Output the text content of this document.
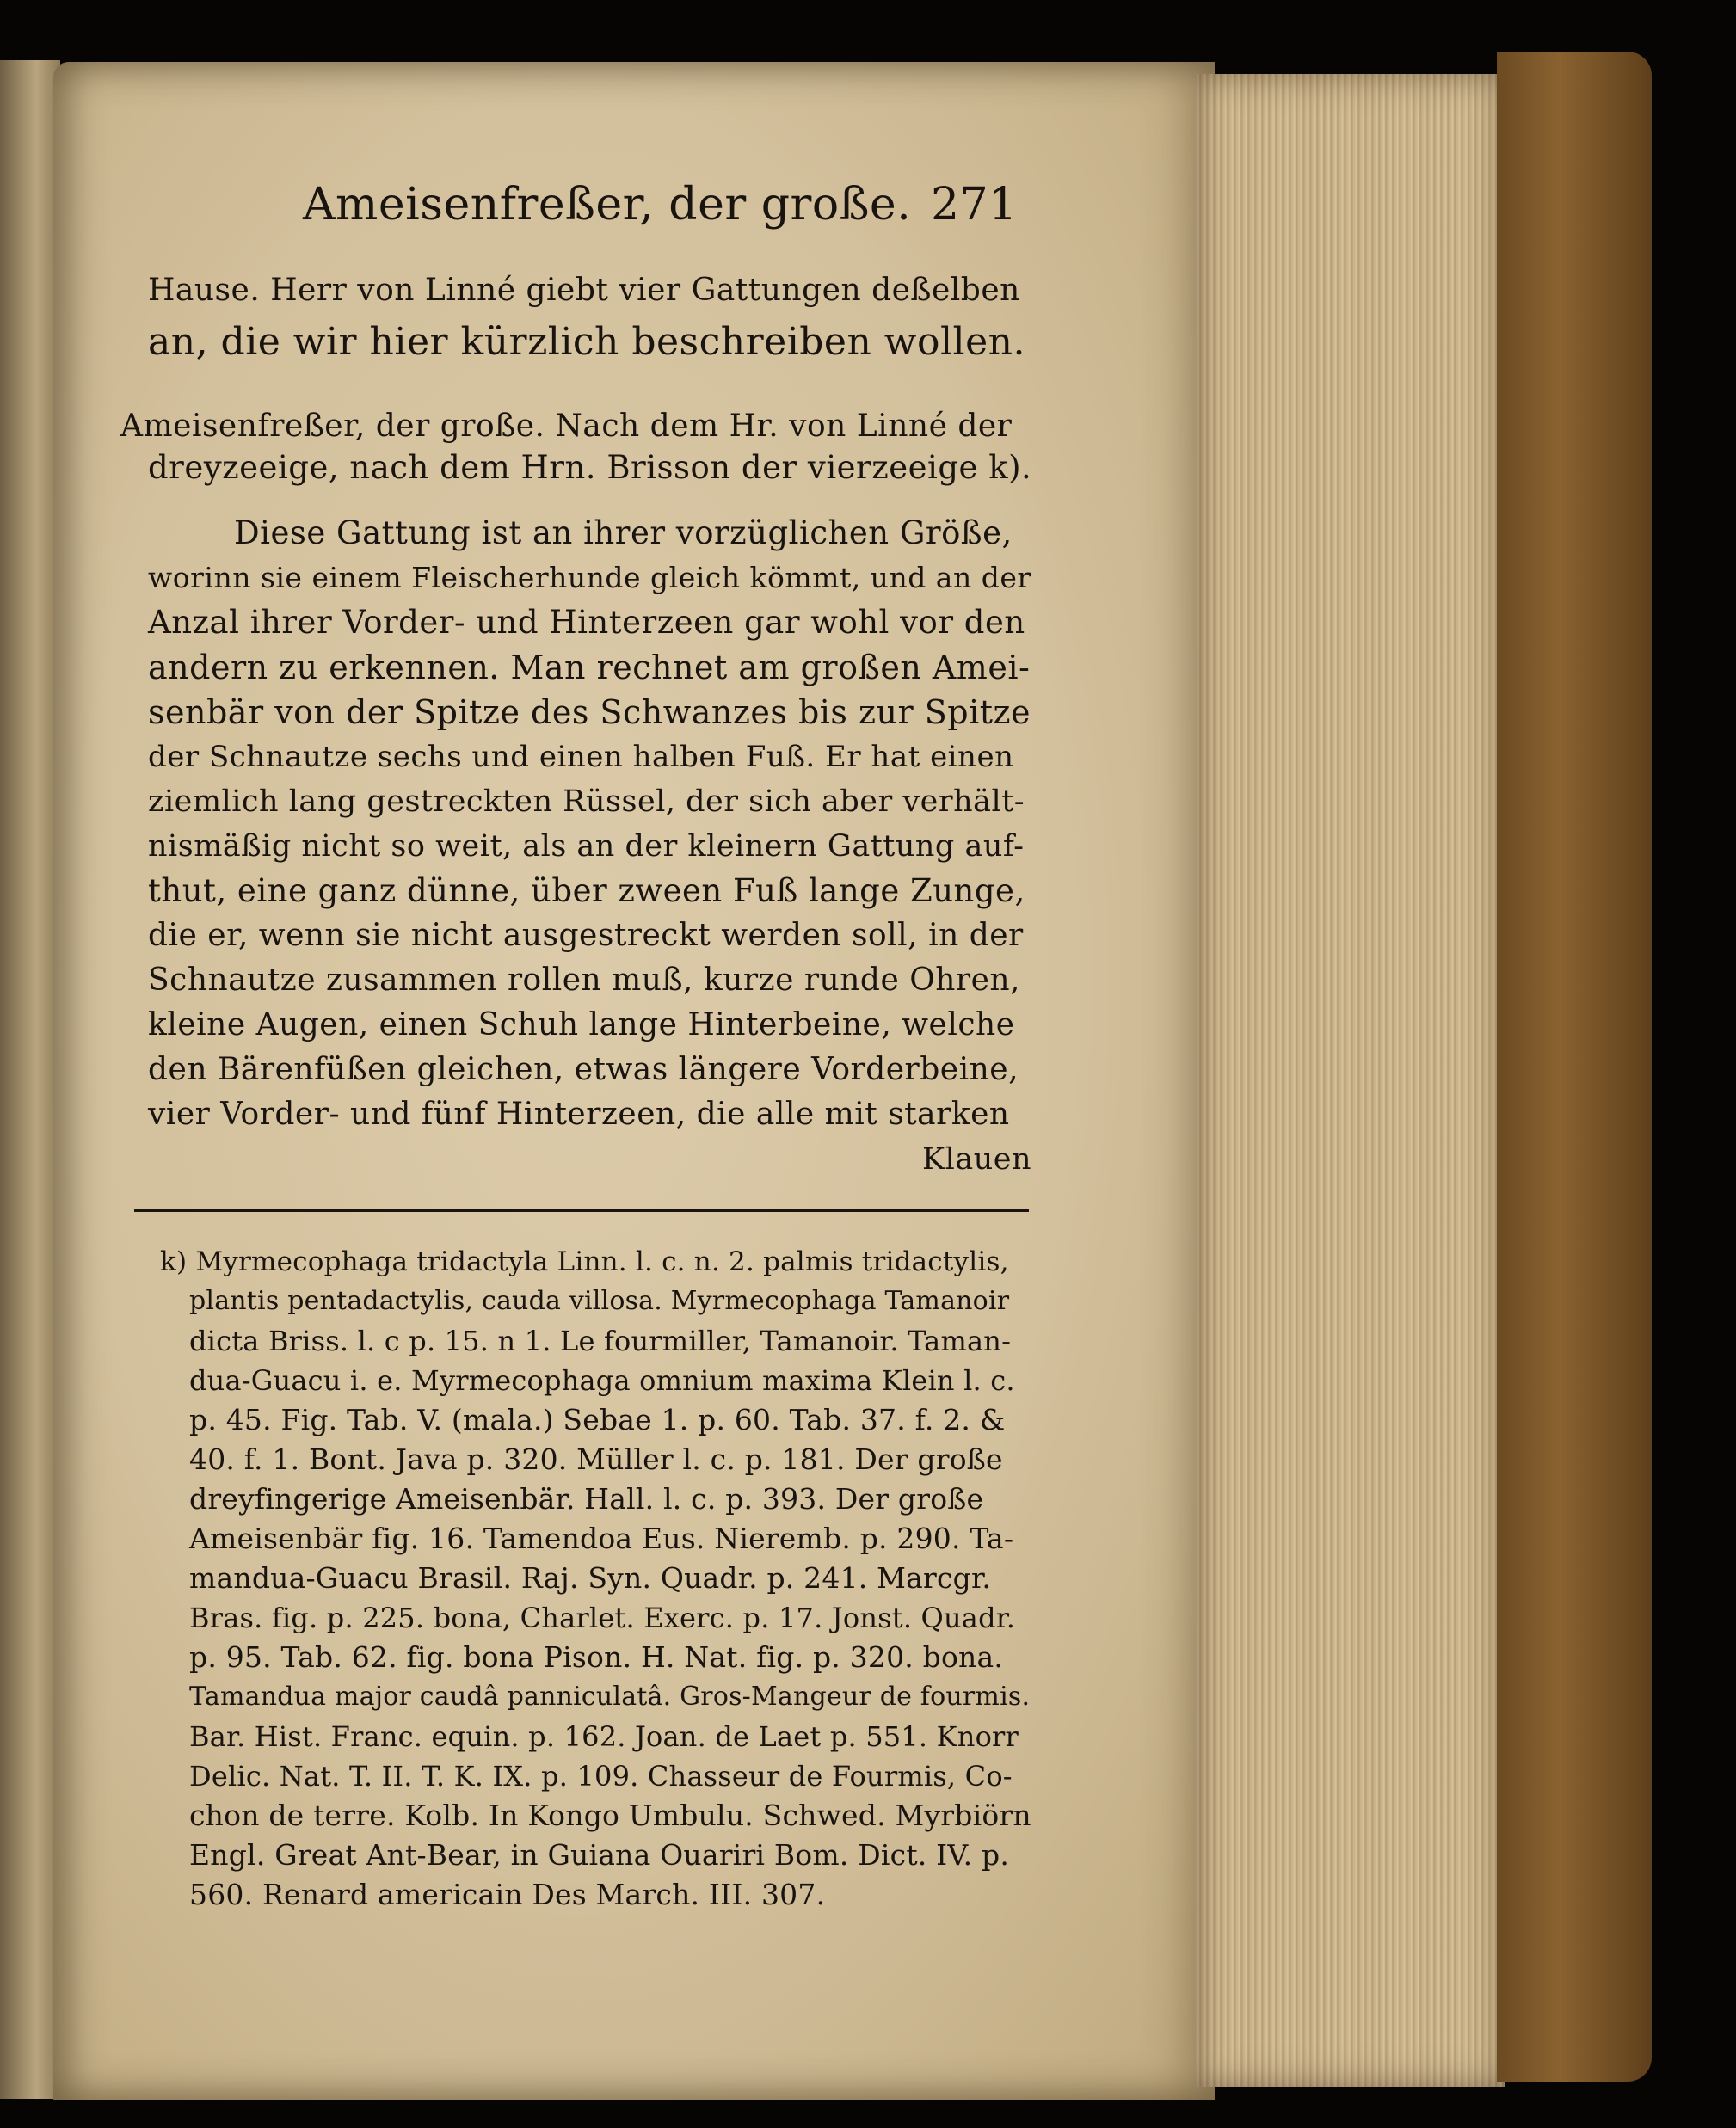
Ameisenfreßer, der große. 271
Hause. Herr von Linné giebt vier Gattungen deßelben
an, die wir hier kürzlich beschreiben wollen.
Ameisenfreßer, der große. Nach dem Hr. von Linné der
dreyzeeige, nach dem Hrn. Brisson der vierzeeige k).
Diese Gattung ist an ihrer vorzüglichen Größe,
worinn sie einem Fleischerhunde gleich kömmt, und an der
Anzal ihrer Vorder- und Hinterzeen gar wohl vor den
andern zu erkennen. Man rechnet am großen Amei-
senbär von der Spitze des Schwanzes bis zur Spitze
der Schnautze sechs und einen halben Fuß. Er hat einen
ziemlich lang gestreckten Rüssel, der sich aber verhält-
nismäßig nicht so weit, als an der kleinern Gattung auf-
thut, eine ganz dünne, über zween Fuß lange Zunge,
die er, wenn sie nicht ausgestreckt werden soll, in der
Schnautze zusammen rollen muß, kurze runde Ohren,
kleine Augen, einen Schuh lange Hinterbeine, welche
den Bärenfüßen gleichen, etwas längere Vorderbeine,
vier Vorder- und fünf Hinterzeen, die alle mit starken
Klauen
k) Myrmecophaga tridactyla Linn. l. c. n. 2. palmis tridactylis,
plantis pentadactylis, cauda villosa. Myrmecophaga Tamanoir
dicta Briss. l. c p. 15. n 1. Le fourmiller, Tamanoir. Taman-
dua-Guacu i. e. Myrmecophaga omnium maxima Klein l. c.
p. 45. Fig. Tab. V. (mala.) Sebae 1. p. 60. Tab. 37. f. 2. &
40. f. 1. Bont. Java p. 320. Müller l. c. p. 181. Der große
dreyfingerige Ameisenbär. Hall. l. c. p. 393. Der große
Ameisenbär fig. 16. Tamendoa Eus. Nieremb. p. 290. Ta-
mandua-Guacu Brasil. Raj. Syn. Quadr. p. 241. Marcgr.
Bras. fig. p. 225. bona, Charlet. Exerc. p. 17. Jonst. Quadr.
p. 95. Tab. 62. fig. bona Pison. H. Nat. fig. p. 320. bona.
Tamandua major caudâ panniculatâ. Gros-Mangeur de fourmis.
Bar. Hist. Franc. equin. p. 162. Joan. de Laet p. 551. Knorr
Delic. Nat. T. II. T. K. IX. p. 109. Chasseur de Fourmis, Co-
chon de terre. Kolb. In Kongo Umbulu. Schwed. Myrbiörn
Engl. Great Ant-Bear, in Guiana Ouariri Bom. Dict. IV. p.
560. Renard americain Des March. III. 307.
